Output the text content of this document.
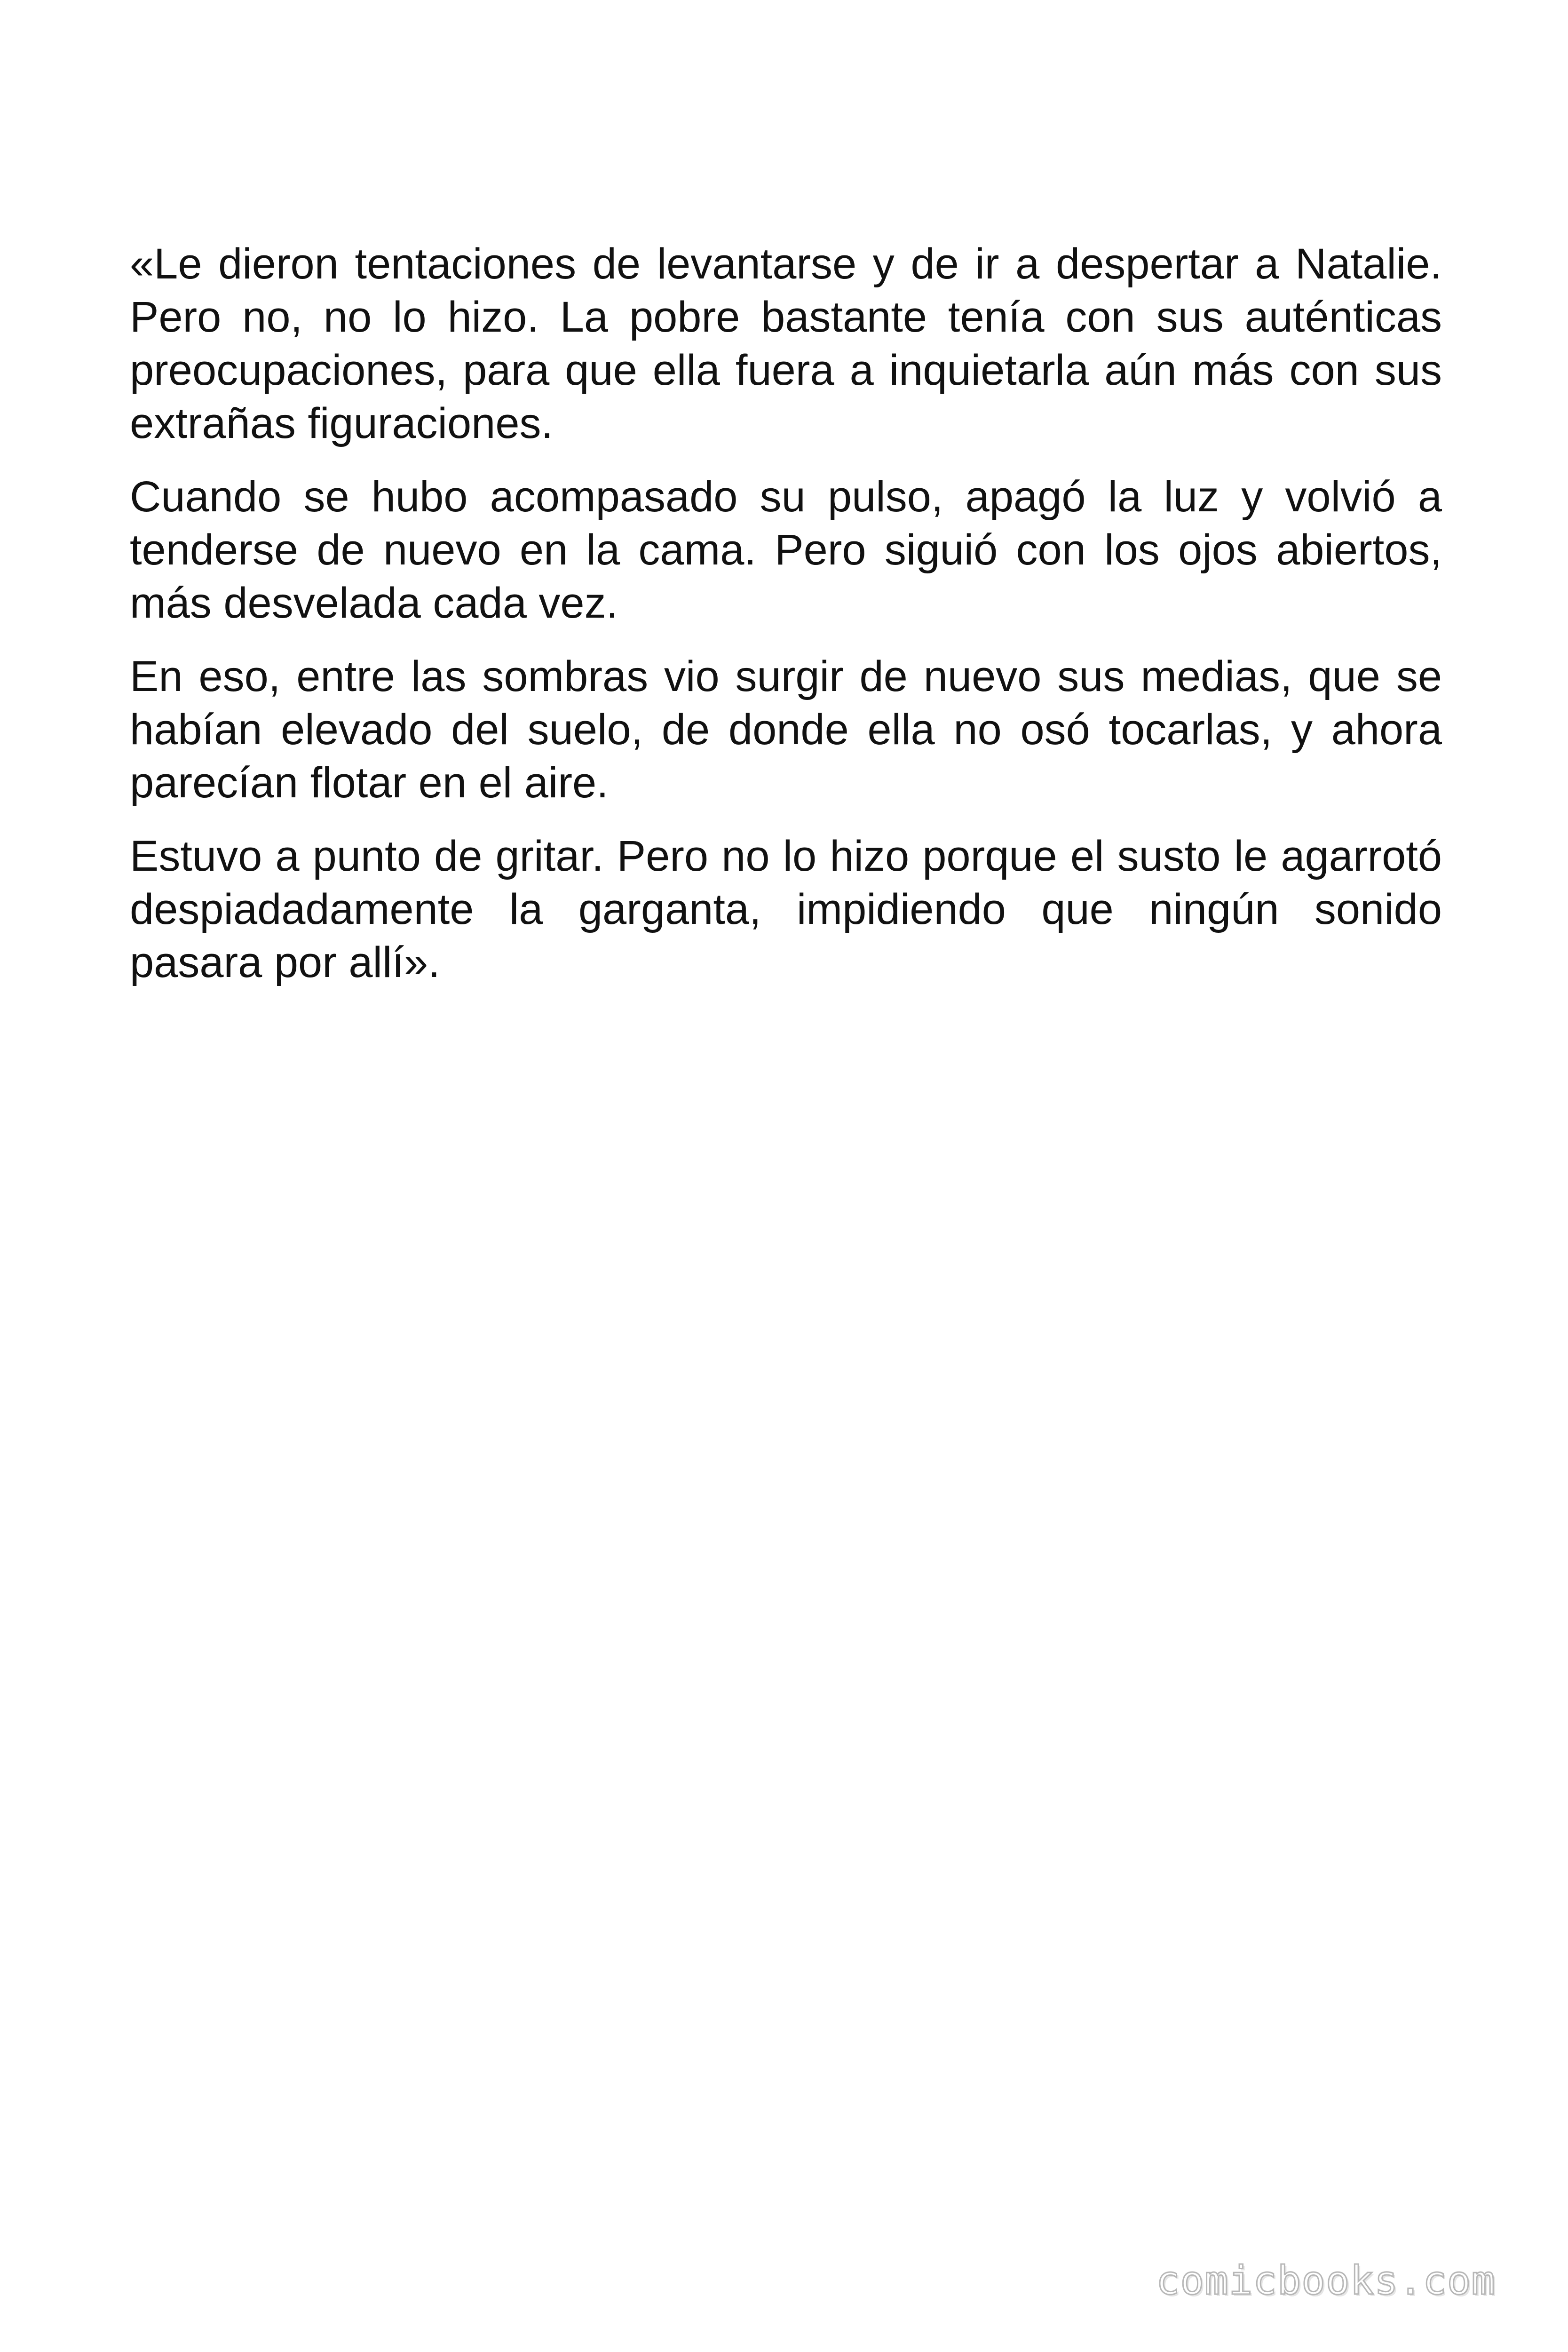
«Le dieron tentaciones de levantarse y de ir a despertar a Natalie. Pero no, no lo hizo. La pobre bastante tenía con sus auténticas preocupaciones, para que ella fuera a inquietarla aún más con sus extrañas figuraciones.

Cuando se hubo acompasado su pulso, apagó la luz y volvió a tenderse de nuevo en la cama. Pero siguió con los ojos abiertos, más desvelada cada vez.

En eso, entre las sombras vio surgir de nuevo sus medias, que se habían elevado del suelo, de donde ella no osó tocarlas, y ahora parecían flotar en el aire.

Estuvo a punto de gritar. Pero no lo hizo porque el susto le agarrotó despiadadamente la garganta, impidiendo que ningún sonido pasara por allí».

comicbooks.com
